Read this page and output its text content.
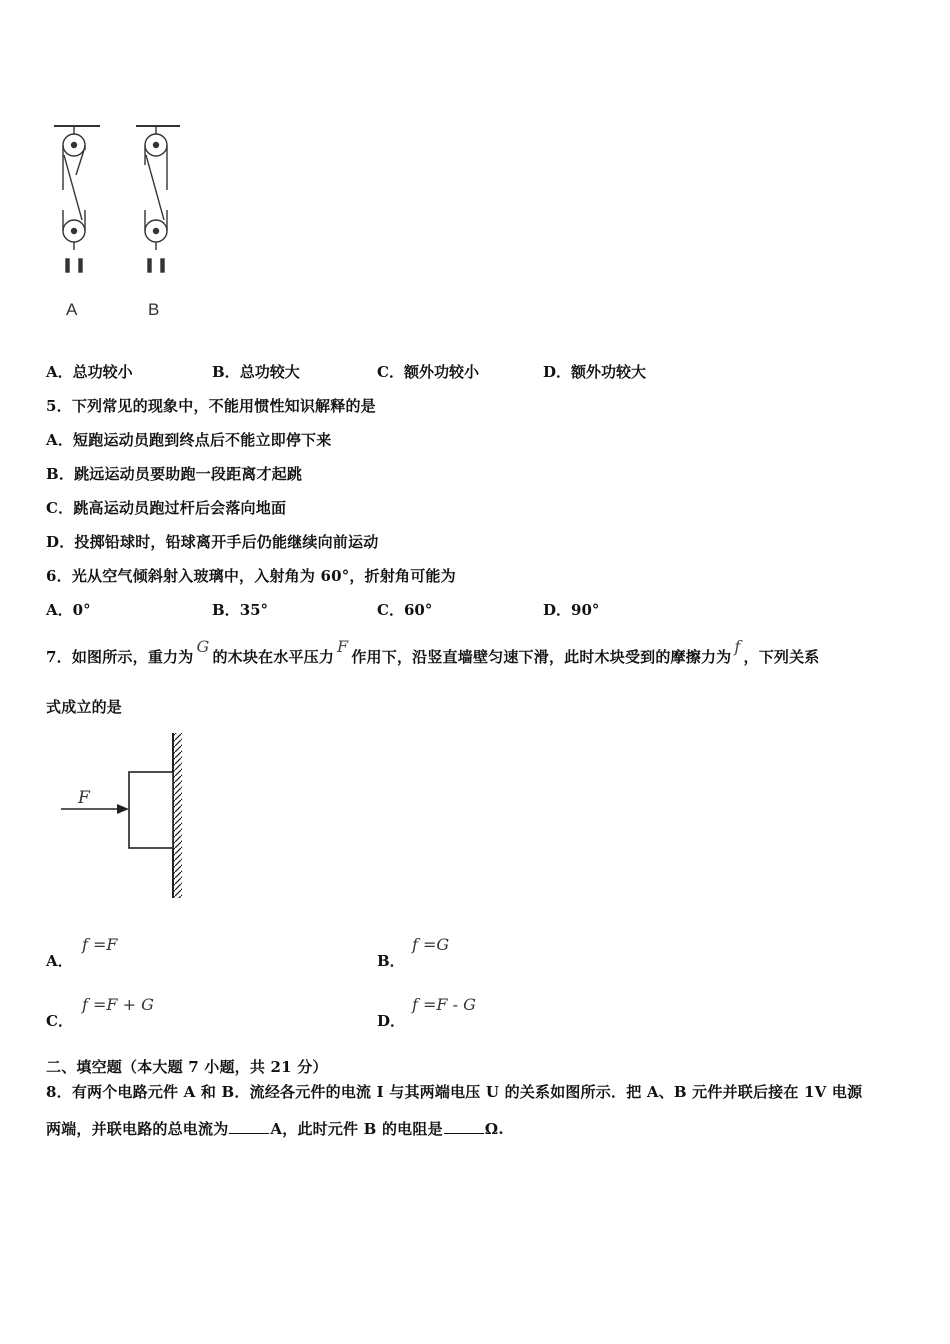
A	B
A．总功较小	B．总功较大	C．额外功较小	D．额外功较大
5．下列常见的现象中，不能用惯性知识解释的是
A．短跑运动员跑到终点后不能立即停下来
B．跳远运动员要助跑一段距离才起跳
C．跳高运动员跑过杆后会落向地面
D．投掷铅球时，铅球离开手后仍能继续向前运动
6．光从空气倾斜射入玻璃中，入射角为 60°，折射角可能为
A．0°	B．35°	C．60°	D．90°
7．如图所示，重力为G的木块在水平压力F作用下，沿竖直墙壁匀速下滑，此时木块受到的摩擦力为f，下列关系
式成立的是
F
A．
f =F
B．
f =G
C．
f =F + G
D．
f =F - G
二、填空题（本大题 7 小题，共 21 分）
8．有两个电路元件 A 和 B．流经各元件的电流 I 与其两端电压 U 的关系如图所示．把 A、B 元件并联后接在 1V 电源
两端，并联电路的总电流为	A，此时元件 B 的电阻是	Ω.
